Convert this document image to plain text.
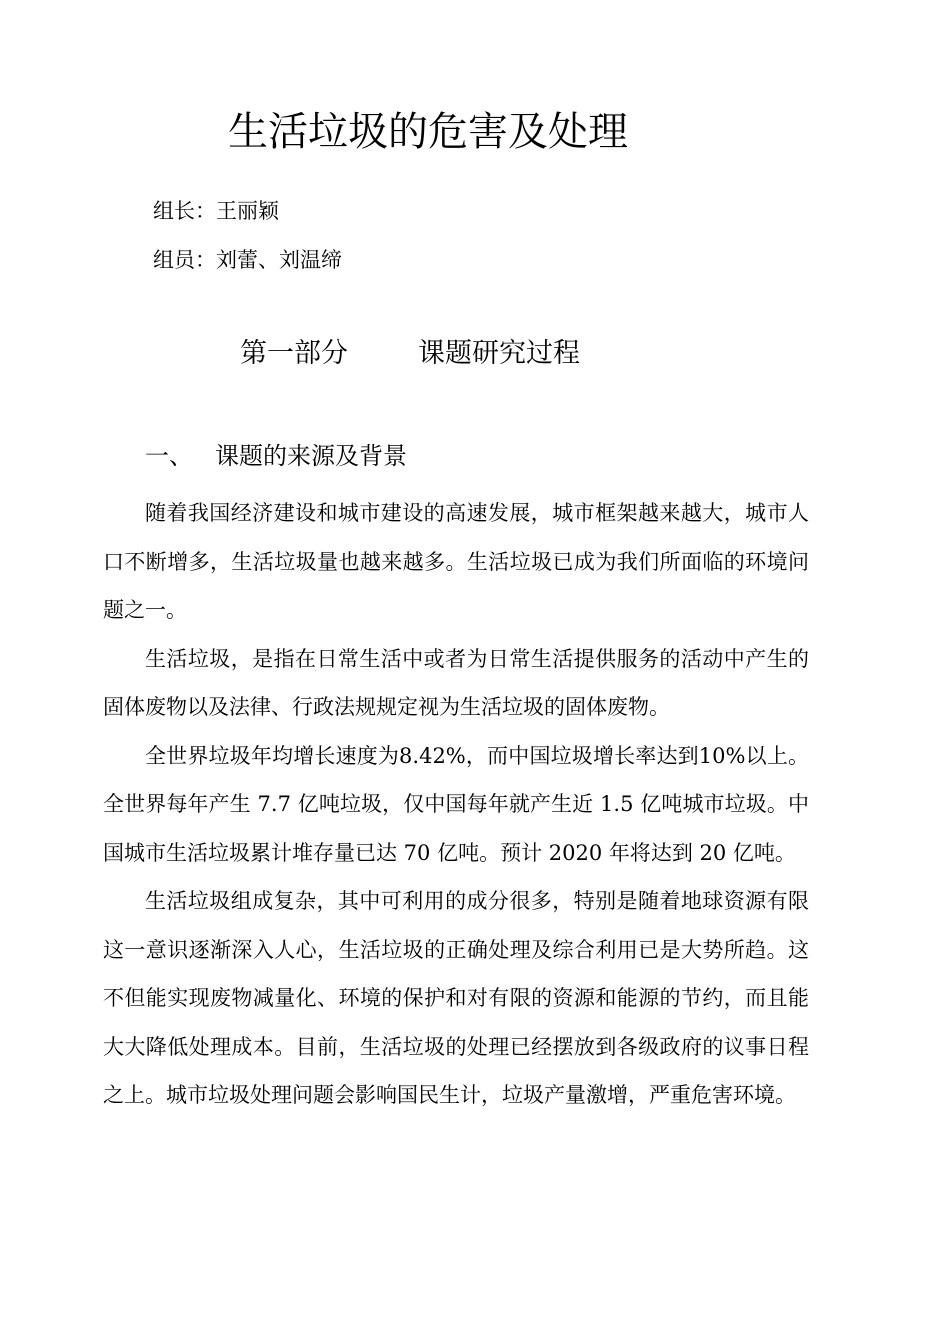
生活垃圾的危害及处理
组长：王丽颖
组员：刘蕾、刘温缔
第一部分	课题研究过程
一、 课题的来源及背景

随着我国经济建设和城市建设的高速发展，城市框架越来越大，城市人口不断增多，生活垃圾量也越来越多。生活垃圾已成为我们所面临的环境问题之一。

生活垃圾，是指在日常生活中或者为日常生活提供服务的活动中产生的固体废物以及法律、行政法规规定视为生活垃圾的固体废物。

全世界垃圾年均增长速度为8.42%，而中国垃圾增长率达到10%以上。全世界每年产生 7.7 亿吨垃圾，仅中国每年就产生近 1.5 亿吨城市垃圾。中国城市生活垃圾累计堆存量已达 70 亿吨。预计 2020 年将达到 20 亿吨。

生活垃圾组成复杂，其中可利用的成分很多，特别是随着地球资源有限这一意识逐渐深入人心，生活垃圾的正确处理及综合利用已是大势所趋。这不但能实现废物减量化、环境的保护和对有限的资源和能源的节约，而且能大大降低处理成本。目前，生活垃圾的处理已经摆放到各级政府的议事日程之上。城市垃圾处理问题会影响国民生计，垃圾产量激增，严重危害环境。
